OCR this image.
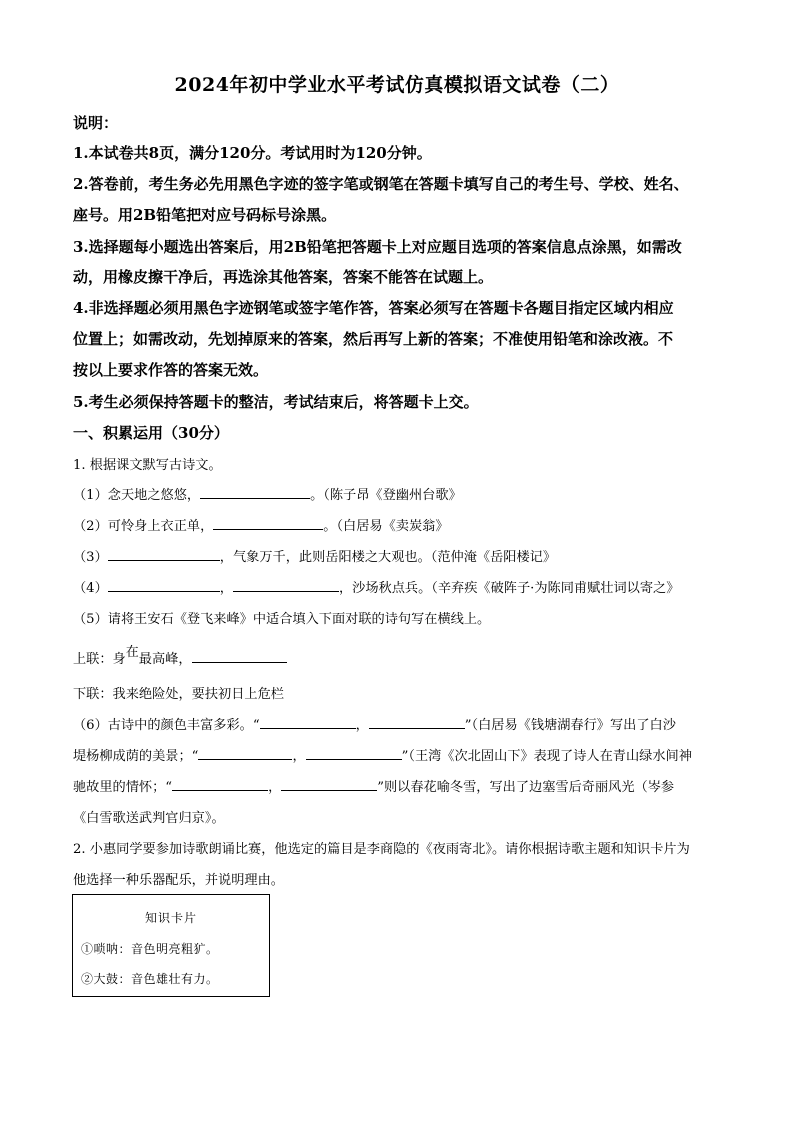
2024年初中学业水平考试仿真模拟语文试卷（二）
说明：
1.本试卷共8页，满分120分。考试用时为120分钟。
2.答卷前，考生务必先用黑色字迹的签字笔或钢笔在答题卡填写自己的考生号、学校、姓名、
座号。用2B铅笔把对应号码标号涂黑。
3.选择题每小题选出答案后，用2B铅笔把答题卡上对应题目选项的答案信息点涂黑，如需改
动，用橡皮擦干净后，再选涂其他答案，答案不能答在试题上。
4.非选择题必须用黑色字迹钢笔或签字笔作答，答案必须写在答题卡各题目指定区域内相应
位置上；如需改动，先划掉原来的答案，然后再写上新的答案；不准使用铅笔和涂改液。不
按以上要求作答的答案无效。
5.考生必须保持答题卡的整洁，考试结束后，将答题卡上交。
一、积累运用（30分）
1. 根据课文默写古诗文。
（1）念天地之悠悠，	。（陈子昂《登幽州台歌》
（2）可怜身上衣正单，	。（白居易《卖炭翁》
（3）	，气象万千，此则岳阳楼之大观也。（范仲淹《岳阳楼记》
（4）	，	，沙场秋点兵。（辛弃疾《破阵子·为陈同甫赋壮词以寄之》
（5）请将王安石《登飞来峰》中适合填入下面对联的诗句写在横线上。
上联：身在最高峰，
下联：我来绝险处，要扶初日上危栏
（6）古诗中的颜色丰富多彩。“	，	”（白居易《钱塘湖春行》写出了白沙
堤杨柳成荫的美景；“	，	”（王湾《次北固山下》表现了诗人在青山绿水间神
驰故里的情怀；“	，	”则以春花喻冬雪，写出了边塞雪后奇丽风光（岑参
《白雪歌送武判官归京》。
2. 小惠同学要参加诗歌朗诵比赛，他选定的篇目是李商隐的《夜雨寄北》。请你根据诗歌主题和知识卡片为
他选择一种乐器配乐，并说明理由。
知识卡片
①唢呐：音色明亮粗犷。
②大鼓：音色雄壮有力。
